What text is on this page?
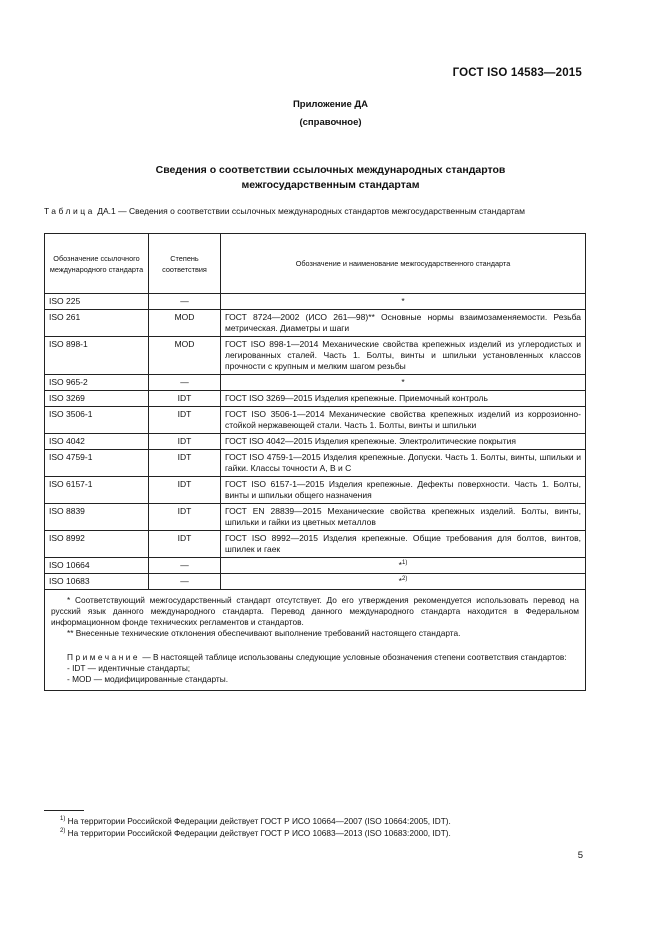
ГОСТ ISO 14583—2015
Приложение ДА
(справочное)
Сведения о соответствии ссылочных международных стандартов
межгосударственным стандартам
Таблица ДА.1 — Сведения о соответствии ссылочных международных стандартов межгосударственным стандартам
Обозначение ссылочного международного стандарта	Степень соответствия	Обозначение и наименование межгосударственного стандарта
ISO 225	—	*
ISO 261	MOD	ГОСТ 8724—2002 (ИСО 261—98)** Основные нормы взаимозаменяемости. Резьба метрическая. Диаметры и шаги
ISO 898-1	MOD	ГОСТ ISO 898-1—2014 Механические свойства крепежных изделий из углеродистых и легированных сталей. Часть 1. Болты, винты и шпильки установленных классов прочности с крупным и мелким шагом резьбы
ISO 965-2	—	*
ISO 3269	IDT	ГОСТ ISO 3269—2015 Изделия крепежные. Приемочный контроль
ISO 3506-1	IDT	ГОСТ ISO 3506-1—2014 Механические свойства крепежных изделий из коррозионно-стойкой нержавеющей стали. Часть 1. Болты, винты и шпильки
ISO 4042	IDT	ГОСТ ISO 4042—2015 Изделия крепежные. Электролитические покрытия
ISO 4759-1	IDT	ГОСТ ISO 4759-1—2015 Изделия крепежные. Допуски. Часть 1. Болты, винты, шпильки и гайки. Классы точности A, B и C
ISO 6157-1	IDT	ГОСТ ISO 6157-1—2015 Изделия крепежные. Дефекты поверхности. Часть 1. Болты, винты и шпильки общего назначения
ISO 8839	IDT	ГОСТ EN 28839—2015 Механические свойства крепежных изделий. Болты, винты, шпильки и гайки из цветных металлов
ISO 8992	IDT	ГОСТ ISO 8992—2015 Изделия крепежные. Общие требования для болтов, винтов, шпилек и гаек
ISO 10664	—	*$^{1)}$
ISO 10683	—	*$^{2)}$

* Соответствующий межгосударственный стандарт отсутствует. До его утверждения рекомендуется использовать перевод на русский язык данного международного стандарта. Перевод данного международного стандарта находится в Федеральном информационном фонде технических регламентов и стандартов.

** Внесенные технические отклонения обеспечивают выполнение требований настоящего стандарта.

Примечание — В настоящей таблице использованы следующие условные обозначения степени соответствия стандартов:

- IDT — идентичные стандарты;

- MOD — модифицированные стандарты.		

$^{1)}$ На территории Российской Федерации действует ГОСТ Р ИСО 10664—2007 (ISO 10664:2005, IDT).
$^{2)}$ На территории Российской Федерации действует ГОСТ Р ИСО 10683—2013 (ISO 10683:2000, IDT).
5
